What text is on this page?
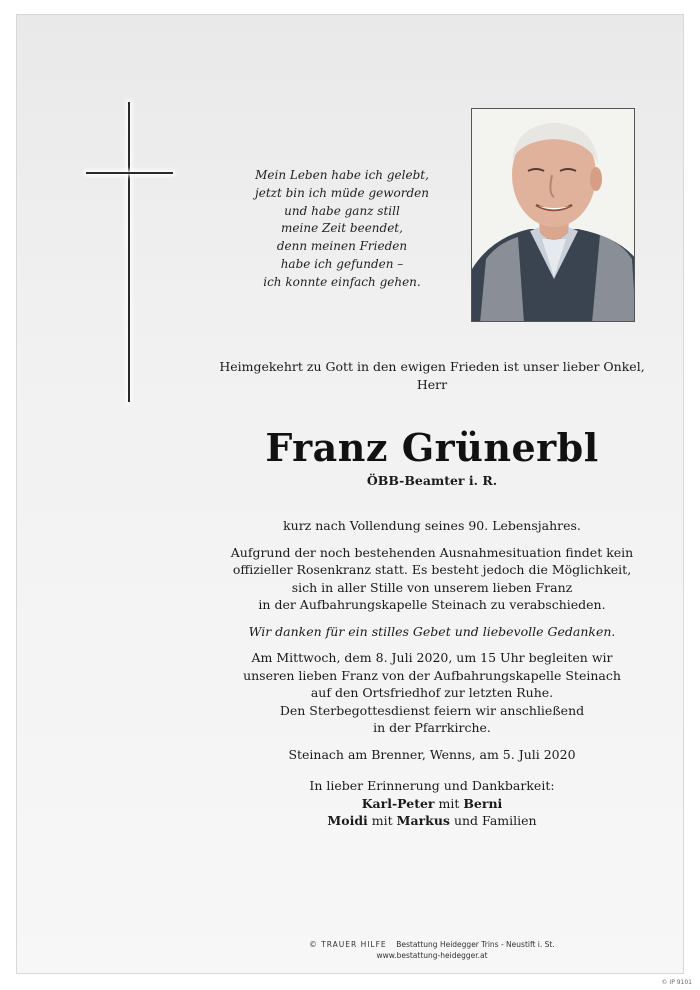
Mein Leben habe ich gelebt,
jetzt bin ich müde geworden
und habe ganz still
meine Zeit beendet,
denn meinen Frieden
habe ich gefunden –
ich konnte einfach gehen.
Heimgekehrt zu Gott in den ewigen Frieden ist unser lieber Onkel,
Herr
Franz Grünerbl
ÖBB-Beamter i. R.

kurz nach Vollendung seines 90. Lebensjahres.

Aufgrund der noch bestehenden Ausnahmesituation findet kein
offizieller Rosenkranz statt. Es besteht jedoch die Möglichkeit,
sich in aller Stille von unserem lieben Franz
in der Aufbahrungskapelle Steinach zu verabschieden.

Wir danken für ein stilles Gebet und liebevolle Gedanken.

Am Mittwoch, dem 8. Juli 2020, um 15 Uhr begleiten wir
unseren lieben Franz von der Aufbahrungskapelle Steinach
auf den Ortsfriedhof zur letzten Ruhe.
Den Sterbegottesdienst feiern wir anschließend
in der Pfarrkirche.

Steinach am Brenner, Wenns, am 5. Juli 2020

In lieber Erinnerung und Dankbarkeit:
Karl-Peter mit Berni
Moidi mit Markus und Familien
© TRAUER HILFE Bestattung Heidegger Trins - Neustift i. St.
www.bestattung-heidegger.at
© IP 9101
